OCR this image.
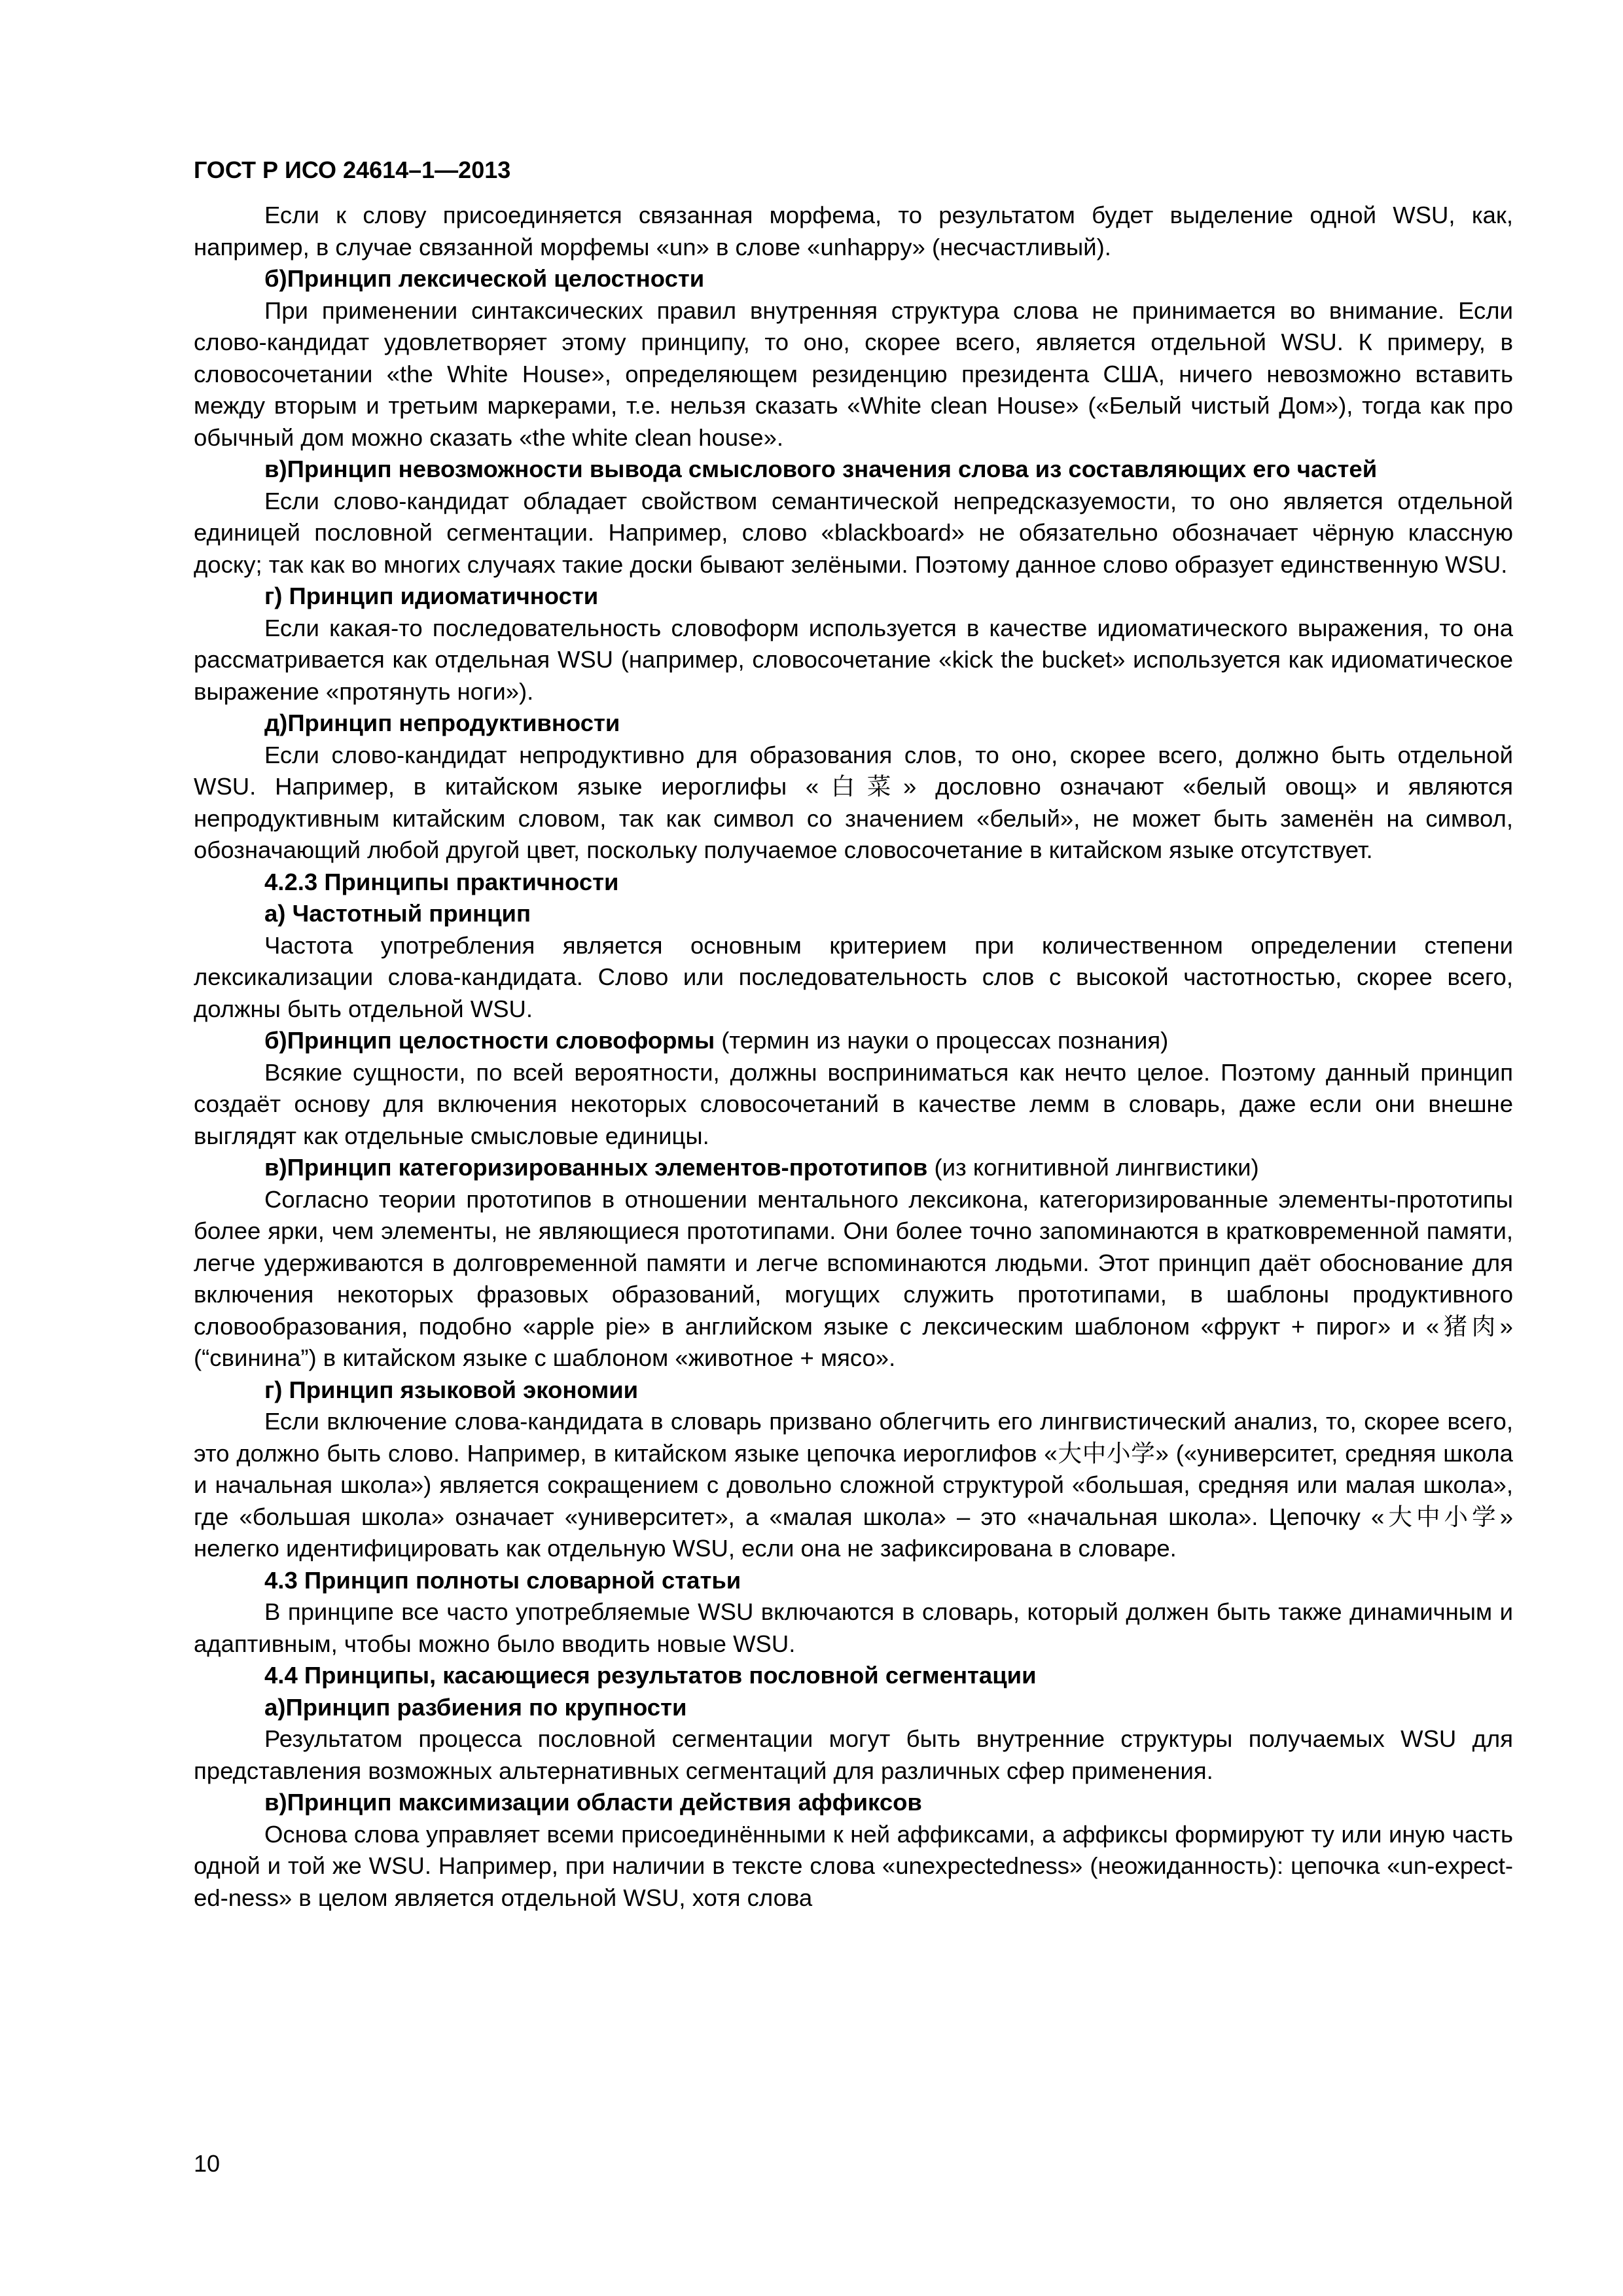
ГОСТ Р ИСО 24614–1—2013

Если к слову присоединяется связанная морфема, то результатом будет выделение одной WSU, как, например, в случае связанной морфемы «un» в слове «unhappy» (несчастливый).

б)Принцип лексической целостности

При применении синтаксических правил внутренняя структура слова не принимается во внимание. Если слово-кандидат удовлетворяет этому принципу, то оно, скорее всего, является отдельной WSU. К примеру, в словосочетании «the White House», определяющем резиденцию президента США, ничего невозможно вставить между вторым и третьим маркерами, т.е. нельзя сказать «White clean House» («Белый чистый Дом»), тогда как про обычный дом можно сказать «the white clean house».

в)Принцип невозможности вывода смыслового значения слова из составляющих его частей

Если слово-кандидат обладает свойством семантической непредсказуемости, то оно является отдельной единицей пословной сегментации. Например, слово «blackboard» не обязательно обозначает чёрную классную доску; так как во многих случаях такие доски бывают зелёными. Поэтому данное слово образует единственную WSU.

г) Принцип идиоматичности

Если какая-то последовательность словоформ используется в качестве идиоматического выражения, то она рассматривается как отдельная WSU (например, словосочетание «kick the bucket» используется как идиоматическое выражение «протянуть ноги»).

д)Принцип непродуктивности

Если слово-кандидат непродуктивно для образования слов, то оно, скорее всего, должно быть отдельной WSU. Например, в китайском языке иероглифы «白菜» дословно означают «белый овощ» и являются непродуктивным китайским словом, так как символ со значением «белый», не может быть заменён на символ, обозначающий любой другой цвет, поскольку получаемое словосочетание в китайском языке отсутствует.

4.2.3 Принципы практичности

а) Частотный принцип

Частота употребления является основным критерием при количественном определении степени лексикализации слова-кандидата. Слово или последовательность слов с высокой частотностью, скорее всего, должны быть отдельной WSU.

б)Принцип целостности словоформы (термин из науки о процессах познания)

Всякие сущности, по всей вероятности, должны восприниматься как нечто целое. Поэтому данный принцип создаёт основу для включения некоторых словосочетаний в качестве лемм в словарь, даже если они внешне выглядят как отдельные смысловые единицы.

в)Принцип категоризированных элементов-прототипов (из когнитивной лингвистики)

Согласно теории прототипов в отношении ментального лексикона, категоризированные элементы-прототипы более ярки, чем элементы, не являющиеся прототипами. Они более точно запоминаются в кратковременной памяти, легче удерживаются в долговременной памяти и легче вспоминаются людьми. Этот принцип даёт обоснование для включения некоторых фразовых образований, могущих служить прототипами, в шаблоны продуктивного словообразования, подобно «apple pie» в английском языке с лексическим шаблоном «фрукт + пирог» и «猪肉» (“свинина”) в китайском языке с шаблоном «животное + мясо».

г) Принцип языковой экономии

Если включение слова-кандидата в словарь призвано облегчить его лингвистический анализ, то, скорее всего, это должно быть слово. Например, в китайском языке цепочка иероглифов «大中小学» («университет, средняя школа и начальная школа») является сокращением с довольно сложной структурой «большая, средняя или малая школа», где «большая школа» означает «университет», а «малая школа» – это «начальная школа». Цепочку «大中小学» нелегко идентифицировать как отдельную WSU, если она не зафиксирована в словаре.

4.3 Принцип полноты словарной статьи

В принципе все часто употребляемые WSU включаются в словарь, который должен быть также динамичным и адаптивным, чтобы можно было вводить новые WSU.

4.4 Принципы, касающиеся результатов пословной сегментации

а)Принцип разбиения по крупности

Результатом процесса пословной сегментации могут быть внутренние структуры получаемых WSU для представления возможных альтернативных сегментаций для различных сфер применения.

в)Принцип максимизации области действия аффиксов

Основа слова управляет всеми присоединёнными к ней аффиксами, а аффиксы формируют ту или иную часть одной и той же WSU. Например, при наличии в тексте слова «unexpectedness» (неожиданность): цепочка «un-expect-ed-ness» в целом является отдельной WSU, хотя слова

10
